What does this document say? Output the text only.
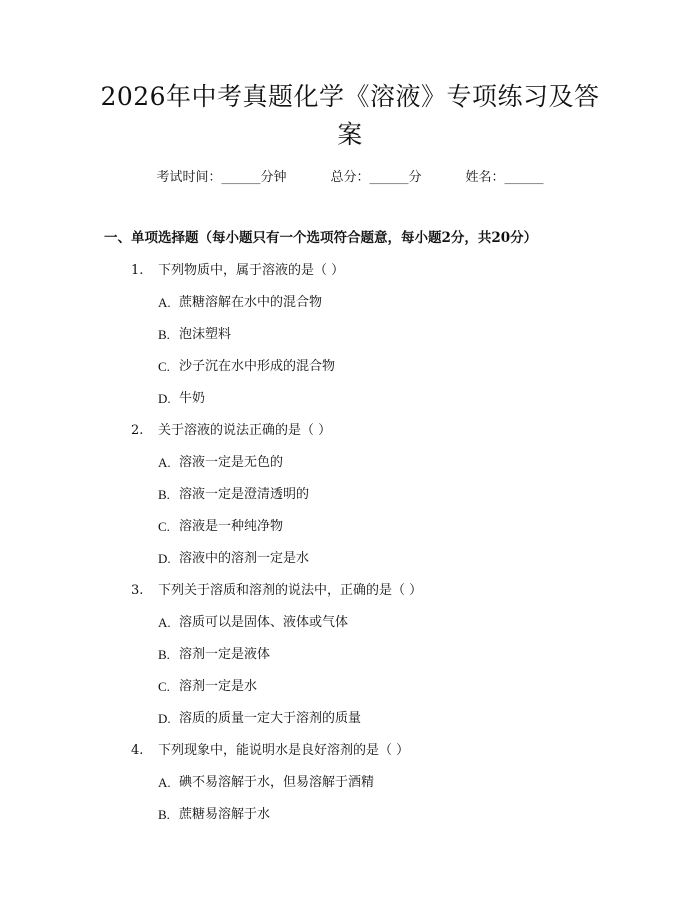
2026年中考真题化学《溶液》专项练习及答案
考试时间：______分钟	总分：______分	姓名：______
一、单项选择题（每小题只有一个选项符合题意，每小题2分，共20分）
1. 下列物质中，属于溶液的是（ ）
A. 蔗糖溶解在水中的混合物
B. 泡沫塑料
C. 沙子沉在水中形成的混合物
D. 牛奶
2. 关于溶液的说法正确的是（ ）
A. 溶液一定是无色的
B. 溶液一定是澄清透明的
C. 溶液是一种纯净物
D. 溶液中的溶剂一定是水
3. 下列关于溶质和溶剂的说法中，正确的是（ ）
A. 溶质可以是固体、液体或气体
B. 溶剂一定是液体
C. 溶剂一定是水
D. 溶质的质量一定大于溶剂的质量
4. 下列现象中，能说明水是良好溶剂的是（ ）
A. 碘不易溶解于水，但易溶解于酒精
B. 蔗糖易溶解于水
